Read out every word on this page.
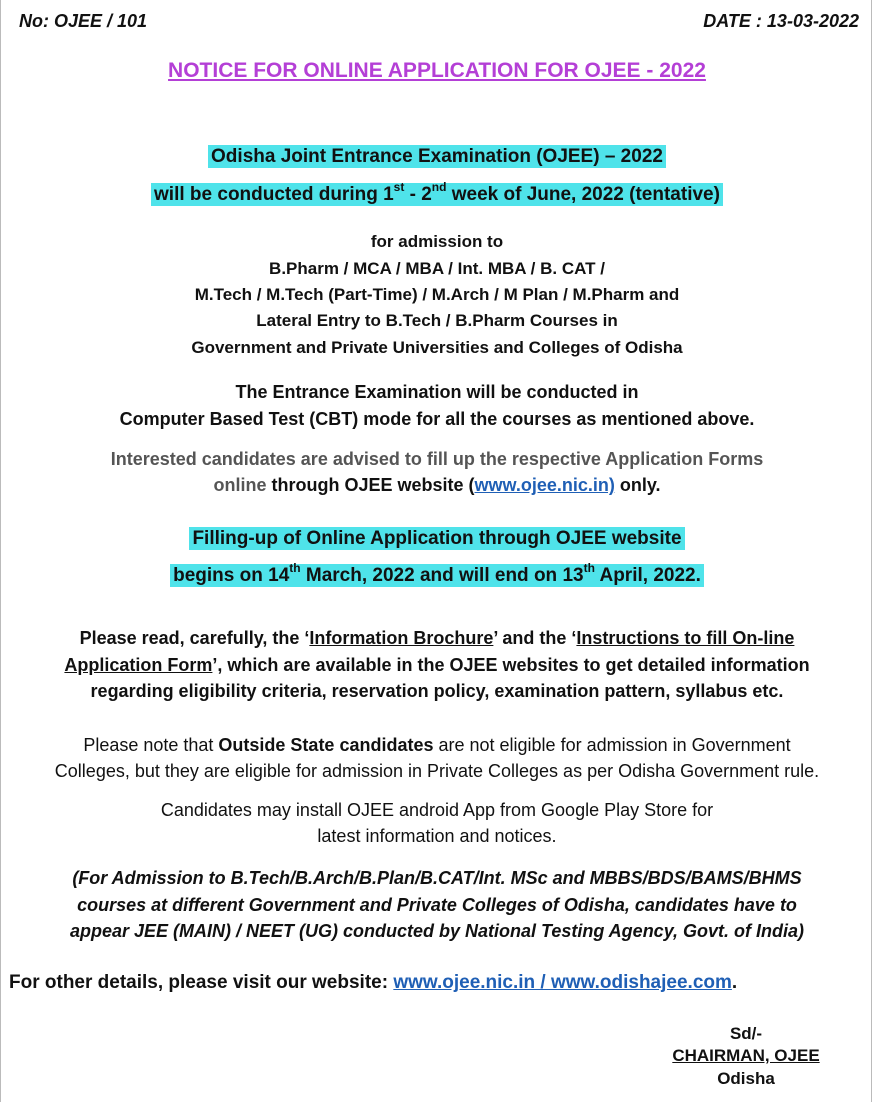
No: OJEE / 101	DATE : 13-03-2022
NOTICE FOR ONLINE APPLICATION FOR OJEE - 2022
Odisha Joint Entrance Examination (OJEE) – 2022
will be conducted during 1st - 2nd week of June, 2022 (tentative)
for admission to
B.Pharm / MCA / MBA / Int. MBA / B. CAT /
M.Tech / M.Tech (Part-Time) / M.Arch / M Plan / M.Pharm and
Lateral Entry to B.Tech / B.Pharm Courses in
Government and Private Universities and Colleges of Odisha
The Entrance Examination will be conducted in
Computer Based Test (CBT) mode for all the courses as mentioned above.
Interested candidates are advised to fill up the respective Application Forms
online through OJEE website (www.ojee.nic.in) only.
Filling-up of Online Application through OJEE website
begins on 14th March, 2022 and will end on 13th April, 2022.
Please read, carefully, the ‘Information Brochure’ and the ‘Instructions to fill On-line
Application Form’, which are available in the OJEE websites to get detailed information
regarding eligibility criteria, reservation policy, examination pattern, syllabus etc.
Please note that Outside State candidates are not eligible for admission in Government
Colleges, but they are eligible for admission in Private Colleges as per Odisha Government rule.
Candidates may install OJEE android App from Google Play Store for
latest information and notices.
(For Admission to B.Tech/B.Arch/B.Plan/B.CAT/Int. MSc and MBBS/BDS/BAMS/BHMS
courses at different Government and Private Colleges of Odisha, candidates have to
appear JEE (MAIN) / NEET (UG) conducted by National Testing Agency, Govt. of India)
For other details, please visit our website: www.ojee.nic.in / www.odishajee.com.
Sd/-
CHAIRMAN, OJEE
Odisha
